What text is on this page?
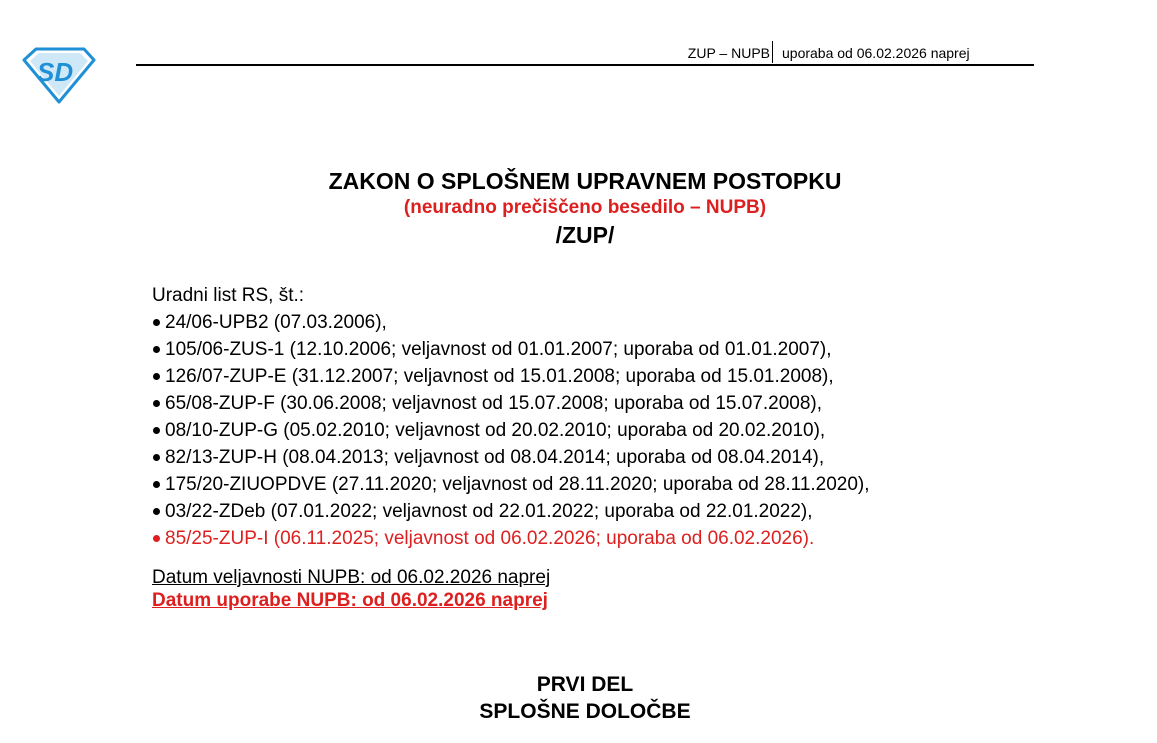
SD
ZUP – NUPB uporaba od 06.02.2026 naprej

ZAKON O SPLOŠNEM UPRAVNEM POSTOPKU

(neuradno prečiščeno besedilo – NUPB)

/ZUP/

Uradni list RS, št.:

24/06-UPB2 (07.03.2006),
105/06-ZUS-1 (12.10.2006; veljavnost od 01.01.2007; uporaba od 01.01.2007),
126/07-ZUP-E (31.12.2007; veljavnost od 15.01.2008; uporaba od 15.01.2008),
65/08-ZUP-F (30.06.2008; veljavnost od 15.07.2008; uporaba od 15.07.2008),
08/10-ZUP-G (05.02.2010; veljavnost od 20.02.2010; uporaba od 20.02.2010),
82/13-ZUP-H (08.04.2013; veljavnost od 08.04.2014; uporaba od 08.04.2014),
175/20-ZIUOPDVE (27.11.2020; veljavnost od 28.11.2020; uporaba od 28.11.2020),
03/22-ZDeb (07.01.2022; veljavnost od 22.01.2022; uporaba od 22.01.2022),
85/25-ZUP-I (06.11.2025; veljavnost od 06.02.2026; uporaba od 06.02.2026).

Datum veljavnosti NUPB: od 06.02.2026 naprej

Datum uporabe NUPB: od 06.02.2026 naprej

PRVI DEL

SPLOŠNE DOLOČBE
